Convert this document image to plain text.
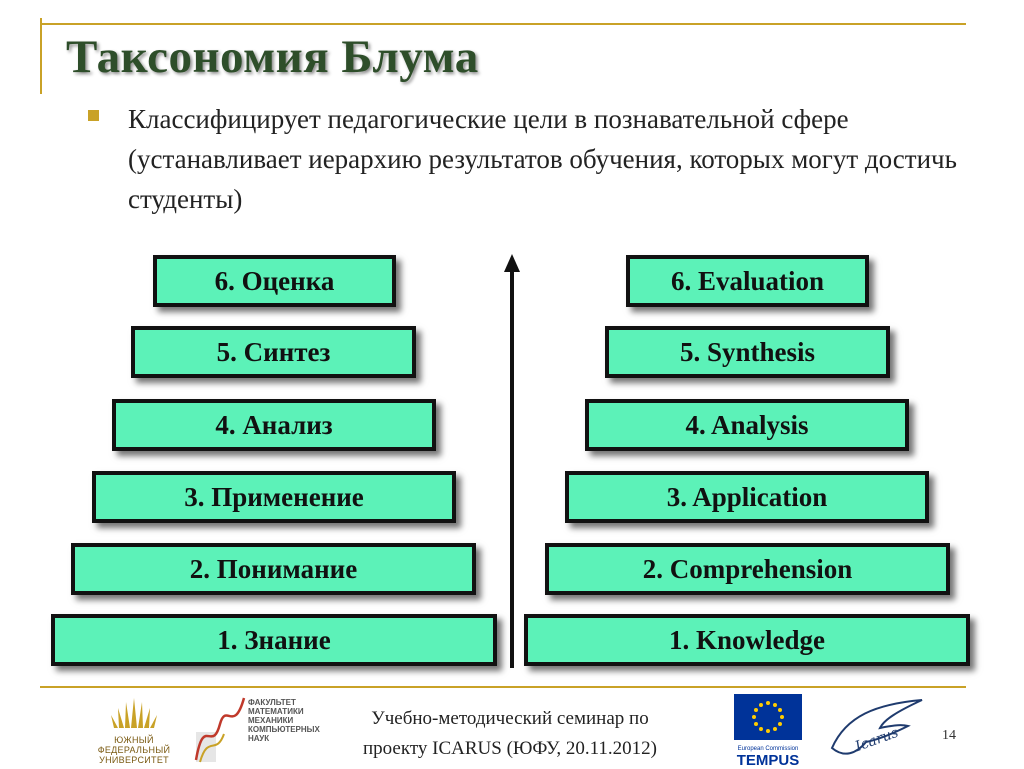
Таксономия Блума

Классифицирует педагогические цели в познавательной сфере (устанавливает иерархию результатов обучения, которых могут достичь студенты)

6. Оценка
5. Синтез
4. Анализ
3. Применение
2. Понимание
1. Знание
6. Evaluation
5. Synthesis
4. Analysis
3. Application
2. Comprehension
1. Knowledge
ЮЖНЫЙ
ФЕДЕРАЛЬНЫЙ
УНИВЕРСИТЕТ
ФАКУЛЬТЕТ
МАТЕМАТИКИ
МЕХАНИКИ
КОМПЬЮТЕРНЫХ
НАУК
Учебно-методический семинар по
проекту ICARUS (ЮФУ, 20.11.2012)	European Commission
TEMPUS
Icarus	14
